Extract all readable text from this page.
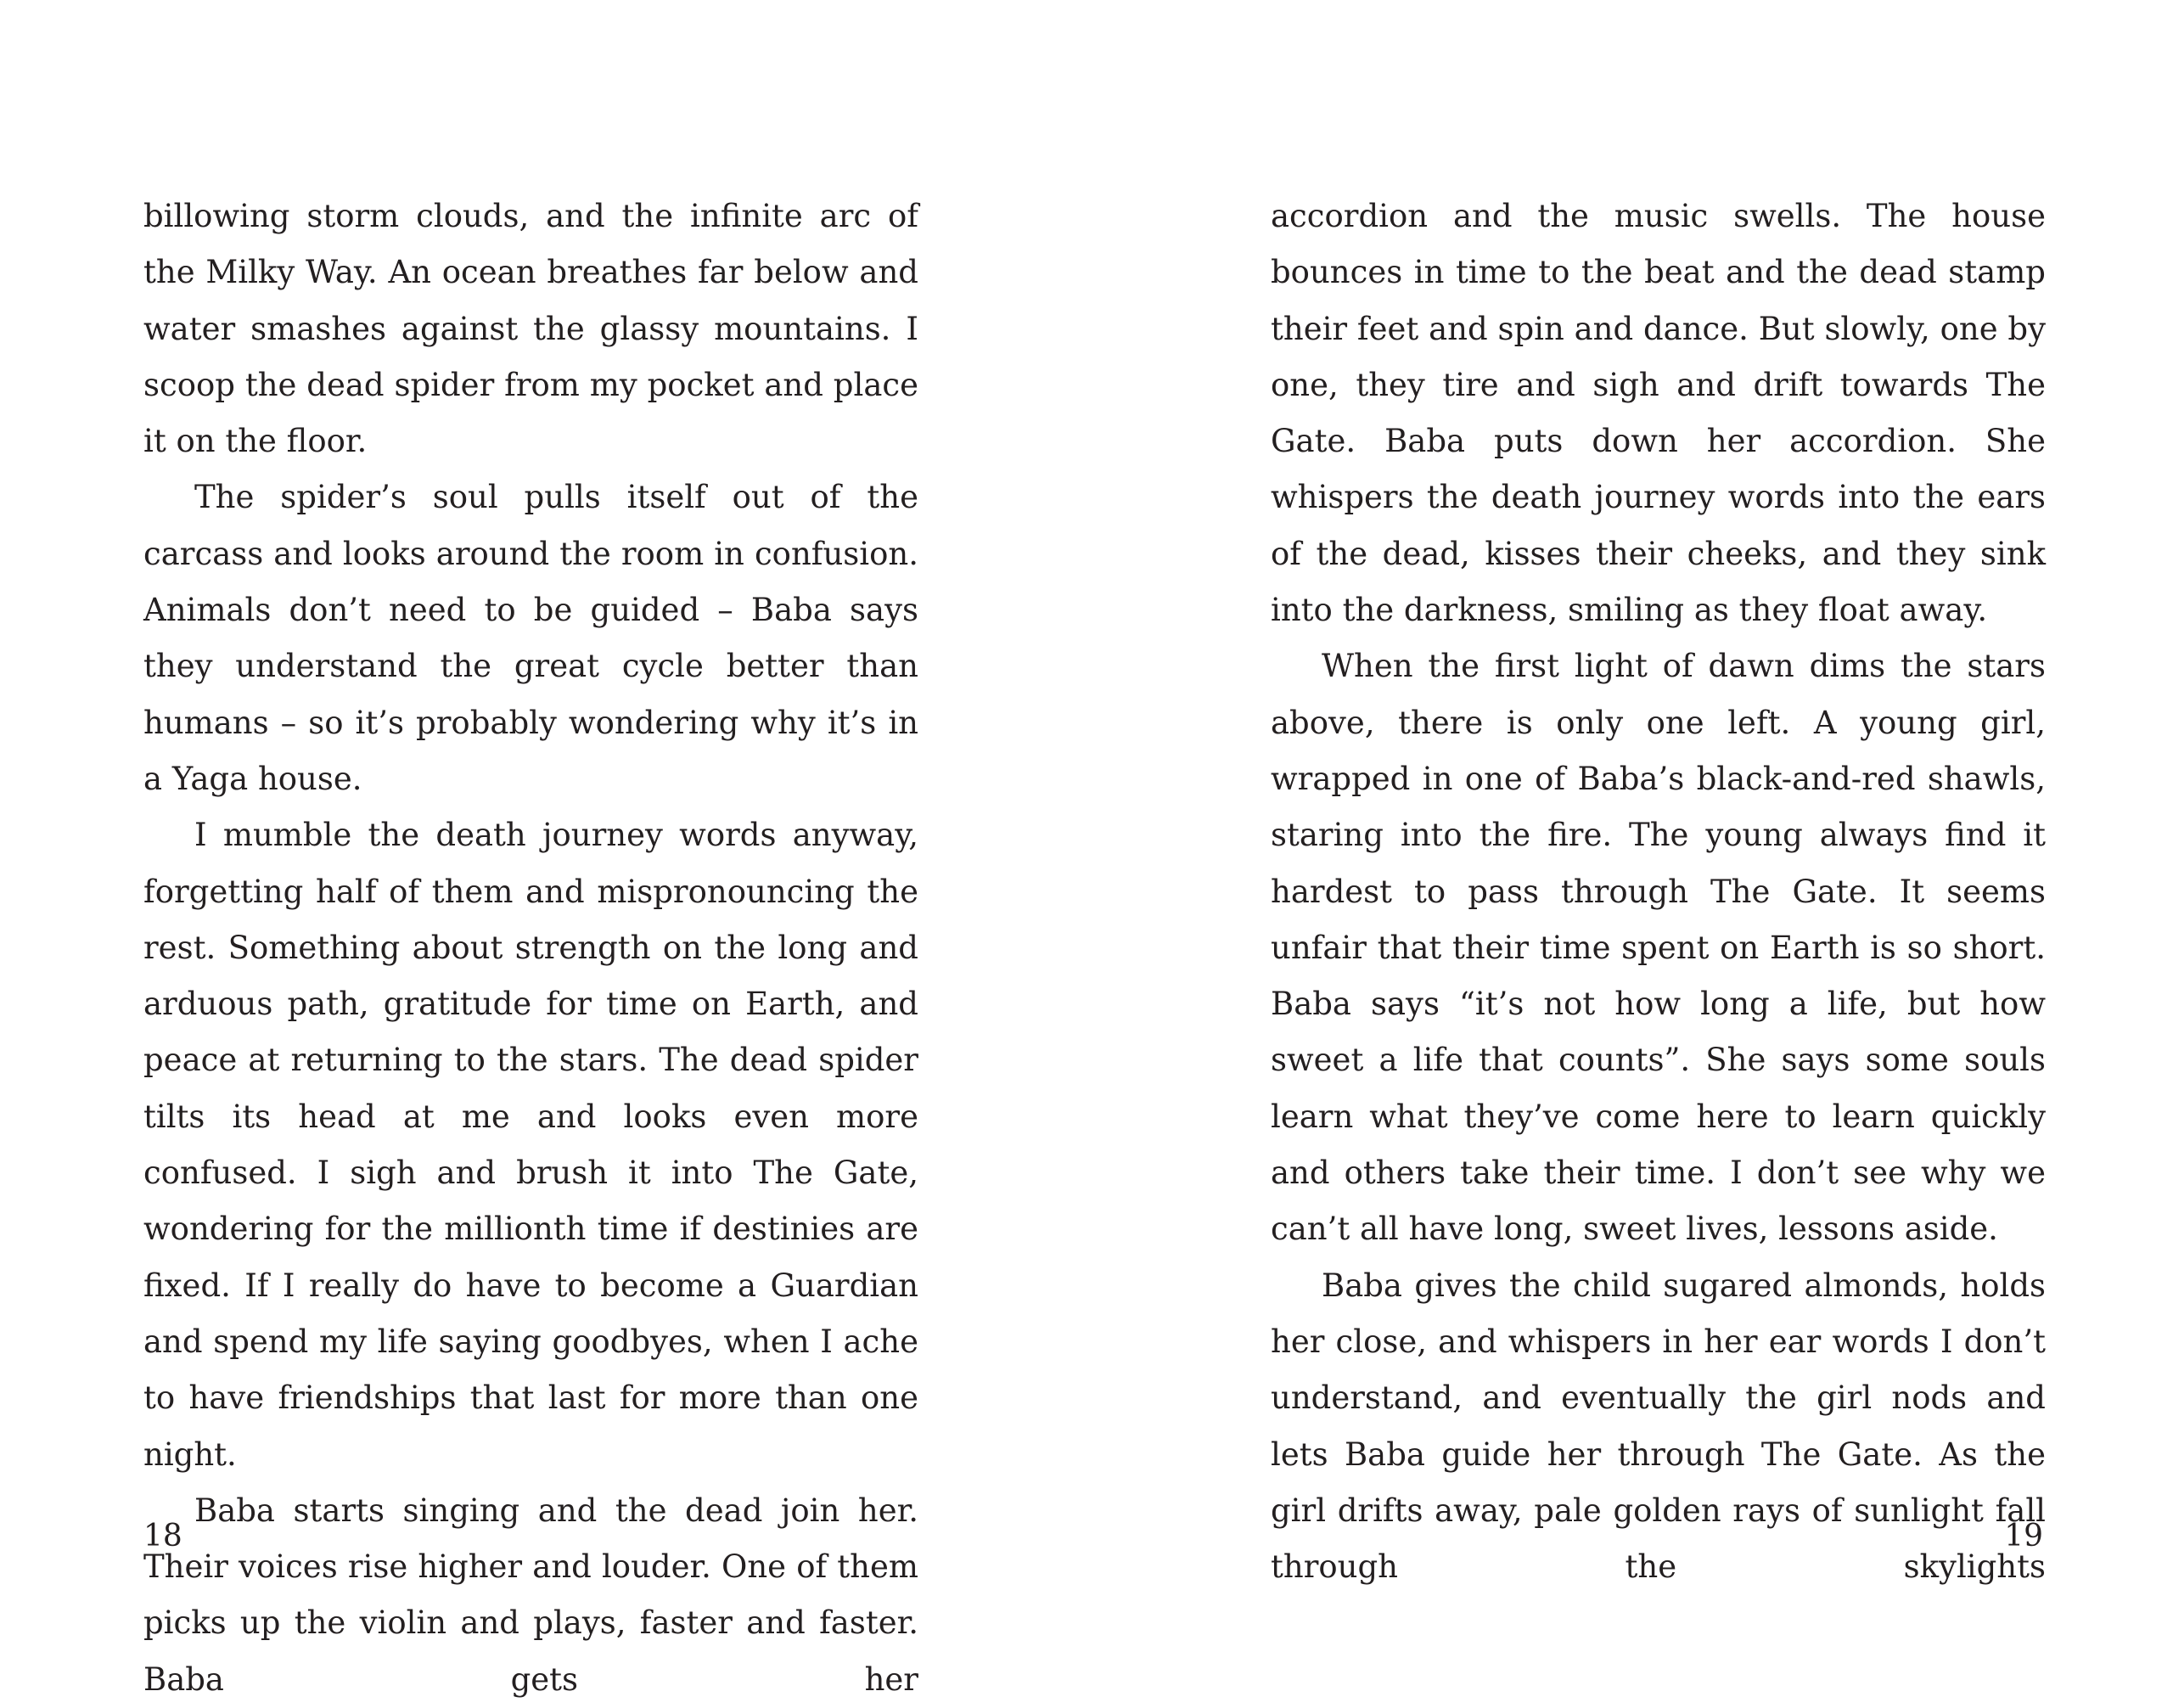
billowing storm clouds, and the infinite arc of the Milky Way. An ocean breathes far below and water smashes against the glassy mountains. I scoop the dead spider from my pocket and place it on the floor.

The spider’s soul pulls itself out of the carcass and looks around the room in confusion. Animals don’t need to be guided – Baba says they understand the great cycle better than humans – so it’s probably wondering why it’s in a Yaga house.

I mumble the death journey words anyway, forgetting half of them and mispronouncing the rest. Something about strength on the long and arduous path, gratitude for time on Earth, and peace at returning to the stars. The dead spider tilts its head at me and looks even more confused. I sigh and brush it into The Gate, wondering for the millionth time if destinies are fixed. If I really do have to become a Guardian and spend my life saying goodbyes, when I ache to have friendships that last for more than one night.

Baba starts singing and the dead join her. Their voices rise higher and louder. One of them picks up the violin and plays, faster and faster. Baba gets her

18

accordion and the music swells. The house bounces in time to the beat and the dead stamp their feet and spin and dance. But slowly, one by one, they tire and sigh and drift towards The Gate. Baba puts down her accordion. She whispers the death journey words into the ears of the dead, kisses their cheeks, and they sink into the darkness, smiling as they float away.

When the first light of dawn dims the stars above, there is only one left. A young girl, wrapped in one of Baba’s black-and-red shawls, staring into the fire. The young always find it hardest to pass through The Gate. It seems unfair that their time spent on Earth is so short. Baba says “it’s not how long a life, but how sweet a life that counts”. She says some souls learn what they’ve come here to learn quickly and others take their time. I don’t see why we can’t all have long, sweet lives, lessons aside.

Baba gives the child sugared almonds, holds her close, and whispers in her ear words I don’t understand, and eventually the girl nods and lets Baba guide her through The Gate. As the girl drifts away, pale golden rays of sunlight fall through the skylights

19
